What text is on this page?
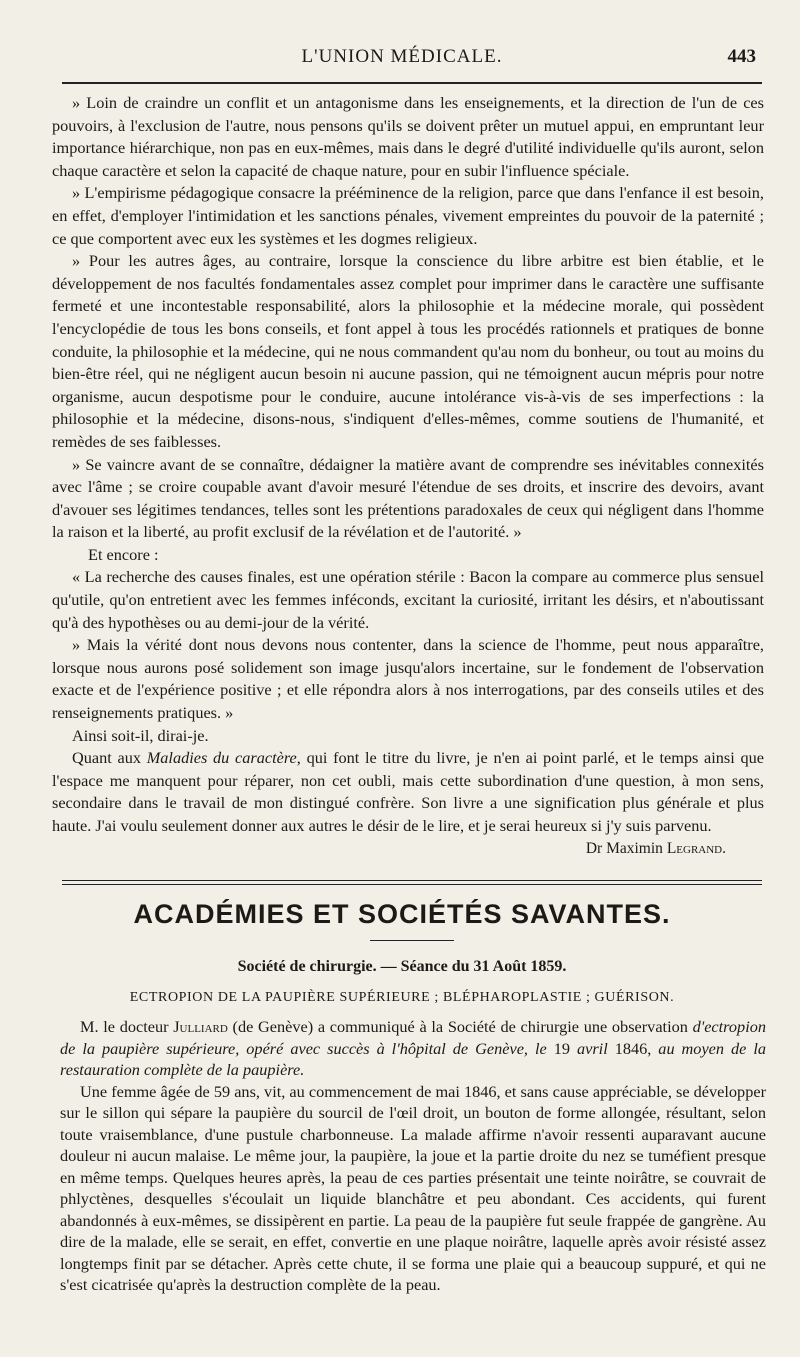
L'UNION MÉDICALE.	443

» Loin de craindre un conflit et un antagonisme dans les enseignements, et la direction de l'un de ces pouvoirs, à l'exclusion de l'autre, nous pensons qu'ils se doivent prêter un mutuel appui, en empruntant leur importance hiérarchique, non pas en eux-mêmes, mais dans le degré d'utilité individuelle qu'ils auront, selon chaque caractère et selon la capacité de chaque nature, pour en subir l'influence spéciale.

» L'empirisme pédagogique consacre la prééminence de la religion, parce que dans l'enfance il est besoin, en effet, d'employer l'intimidation et les sanctions pénales, vivement empreintes du pouvoir de la paternité ; ce que comportent avec eux les systèmes et les dogmes religieux.

» Pour les autres âges, au contraire, lorsque la conscience du libre arbitre est bien établie, et le développement de nos facultés fondamentales assez complet pour imprimer dans le caractère une suffisante fermeté et une incontestable responsabilité, alors la philosophie et la médecine morale, qui possèdent l'encyclopédie de tous les bons conseils, et font appel à tous les procédés rationnels et pratiques de bonne conduite, la philosophie et la médecine, qui ne nous commandent qu'au nom du bonheur, ou tout au moins du bien-être réel, qui ne négligent aucun besoin ni aucune passion, qui ne témoignent aucun mépris pour notre organisme, aucun despotisme pour le conduire, aucune intolérance vis-à-vis de ses imperfections : la philosophie et la médecine, disons-nous, s'indiquent d'elles-mêmes, comme soutiens de l'humanité, et remèdes de ses faiblesses.

» Se vaincre avant de se connaître, dédaigner la matière avant de comprendre ses inévitables connexités avec l'âme ; se croire coupable avant d'avoir mesuré l'étendue de ses droits, et inscrire des devoirs, avant d'avouer ses légitimes tendances, telles sont les prétentions paradoxales de ceux qui négligent dans l'homme la raison et la liberté, au profit exclusif de la révélation et de l'autorité. »

Et encore :

« La recherche des causes finales, est une opération stérile : Bacon la compare au commerce plus sensuel qu'utile, qu'on entretient avec les femmes inféconds, excitant la curiosité, irritant les désirs, et n'aboutissant qu'à des hypothèses ou au demi-jour de la vérité.

» Mais la vérité dont nous devons nous contenter, dans la science de l'homme, peut nous apparaître, lorsque nous aurons posé solidement son image jusqu'alors incertaine, sur le fondement de l'observation exacte et de l'expérience positive ; et elle répondra alors à nos interrogations, par des conseils utiles et des renseignements pratiques. »

Ainsi soit-il, dirai-je.

Quant aux Maladies du caractère, qui font le titre du livre, je n'en ai point parlé, et le temps ainsi que l'espace me manquent pour réparer, non cet oubli, mais cette subordination d'une question, à mon sens, secondaire dans le travail de mon distingué confrère. Son livre a une signification plus générale et plus haute. J'ai voulu seulement donner aux autres le désir de le lire, et je serai heureux si j'y suis parvenu.

Dr Maximin Legrand.
ACADÉMIES ET SOCIÉTÉS SAVANTES.
Société de chirurgie. — Séance du 31 Août 1859.
ECTROPION DE LA PAUPIÈRE SUPÉRIEURE ; BLÉPHAROPLASTIE ; GUÉRISON.

M. le docteur Julliard (de Genève) a communiqué à la Société de chirurgie une observation d'ectropion de la paupière supérieure, opéré avec succès à l'hôpital de Genève, le 19 avril 1846, au moyen de la restauration complète de la paupière.

Une femme âgée de 59 ans, vit, au commencement de mai 1846, et sans cause appréciable, se développer sur le sillon qui sépare la paupière du sourcil de l'œil droit, un bouton de forme allongée, résultant, selon toute vraisemblance, d'une pustule charbonneuse. La malade affirme n'avoir ressenti auparavant aucune douleur ni aucun malaise. Le même jour, la paupière, la joue et la partie droite du nez se tuméfient presque en même temps. Quelques heures après, la peau de ces parties présentait une teinte noirâtre, se couvrait de phlyctènes, desquelles s'écoulait un liquide blanchâtre et peu abondant. Ces accidents, qui furent abandonnés à eux-mêmes, se dissipèrent en partie. La peau de la paupière fut seule frappée de gangrène. Au dire de la malade, elle se serait, en effet, convertie en une plaque noirâtre, laquelle après avoir résisté assez longtemps finit par se détacher. Après cette chute, il se forma une plaie qui a beaucoup suppuré, et qui ne s'est cicatrisée qu'après la destruction complète de la peau.
